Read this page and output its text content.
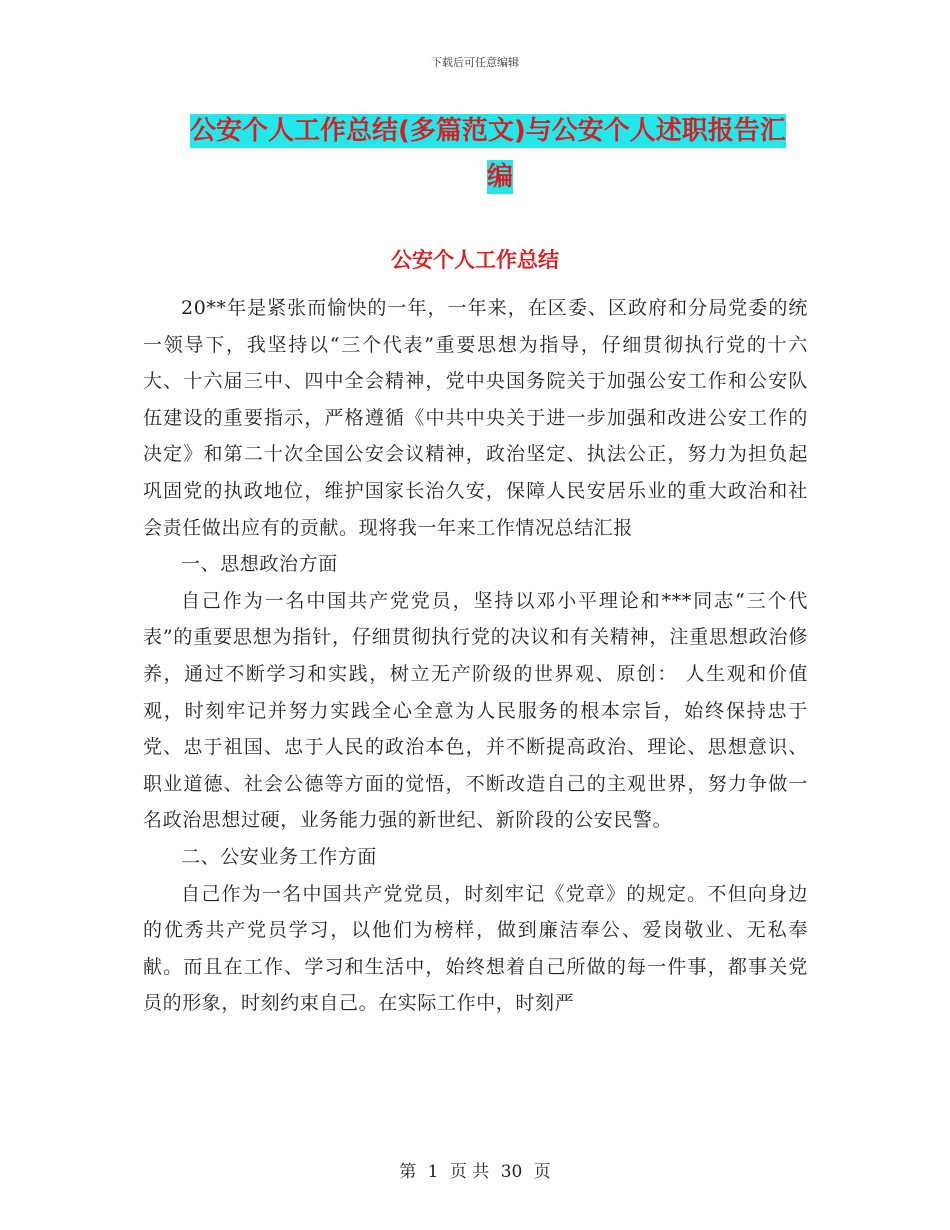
下载后可任意编辑
公安个人工作总结(多篇范文)与公安个人述职报告汇
编
公安个人工作总结

20**年是紧张而愉快的一年，一年来，在区委、区政府和分局党委的统一领导下，我坚持以“三个代表”重要思想为指导，仔细贯彻执行党的十六大、十六届三中、四中全会精神，党中央国务院关于加强公安工作和公安队伍建设的重要指示，严格遵循《中共中央关于进一步加强和改进公安工作的决定》和第二十次全国公安会议精神，政治坚定、执法公正，努力为担负起巩固党的执政地位，维护国家长治久安，保障人民安居乐业的重大政治和社会责任做出应有的贡献。现将我一年来工作情况总结汇报

一、思想政治方面

自己作为一名中国共产党党员，坚持以邓小平理论和***同志“三个代表”的重要思想为指针，仔细贯彻执行党的决议和有关精神，注重思想政治修养，通过不断学习和实践，树立无产阶级的世界观、原创： 人生观和价值观，时刻牢记并努力实践全心全意为人民服务的根本宗旨，始终保持忠于党、忠于祖国、忠于人民的政治本色，并不断提高政治、理论、思想意识、职业道德、社会公德等方面的觉悟，不断改造自己的主观世界，努力争做一名政治思想过硬，业务能力强的新世纪、新阶段的公安民警。

二、公安业务工作方面

自己作为一名中国共产党党员，时刻牢记《党章》的规定。不但向身边的优秀共产党员学习，以他们为榜样，做到廉洁奉公、爱岗敬业、无私奉献。而且在工作、学习和生活中，始终想着自己所做的每一件事，都事关党员的形象，时刻约束自己。在实际工作中，时刻严

第 1 页 共 30 页
